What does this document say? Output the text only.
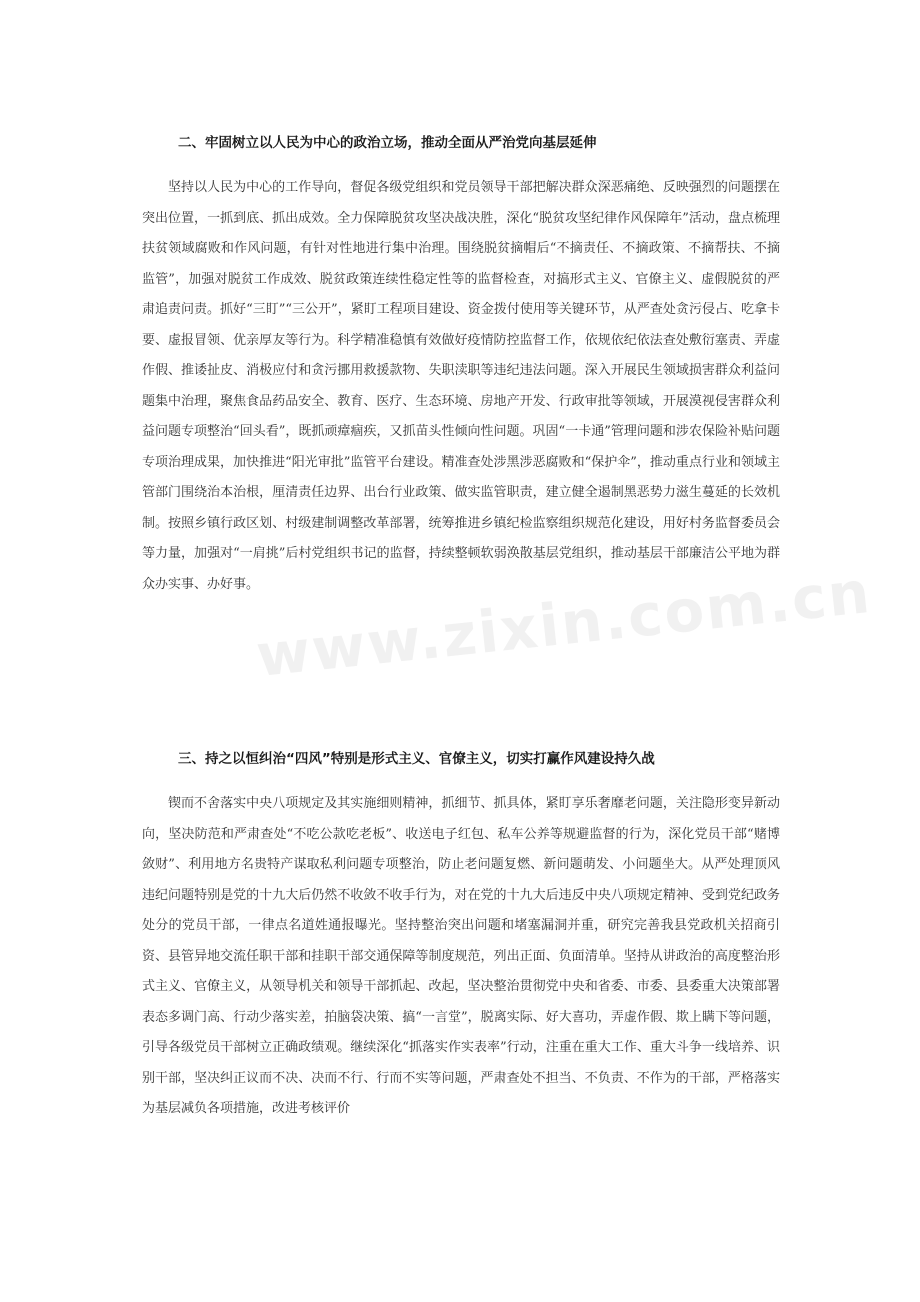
二、牢固树立以人民为中心的政治立场，推动全面从严治党向基层延伸

坚持以人民为中心的工作导向，督促各级党组织和党员领导干部把解决群众深恶痛绝、反映强烈的问题摆在突出位置，一抓到底、抓出成效。全力保障脱贫攻坚决战决胜，深化“脱贫攻坚纪律作风保障年”活动，盘点梳理扶贫领域腐败和作风问题，有针对性地进行集中治理。围绕脱贫摘帽后“不摘责任、不摘政策、不摘帮扶、不摘监管”，加强对脱贫工作成效、脱贫政策连续性稳定性等的监督检查，对搞形式主义、官僚主义、虚假脱贫的严肃追责问责。抓好“三盯”“三公开”，紧盯工程项目建设、资金拨付使用等关键环节，从严查处贪污侵占、吃拿卡要、虚报冒领、优亲厚友等行为。科学精准稳慎有效做好疫情防控监督工作，依规依纪依法查处敷衍塞责、弄虚作假、推诿扯皮、消极应付和贪污挪用救援款物、失职渎职等违纪违法问题。深入开展民生领域损害群众利益问题集中治理，聚焦食品药品安全、教育、医疗、生态环境、房地产开发、行政审批等领域，开展漠视侵害群众利益问题专项整治“回头看”，既抓顽瘴痼疾，又抓苗头性倾向性问题。巩固“一卡通”管理问题和涉农保险补贴问题专项治理成果，加快推进“阳光审批”监管平台建设。精准查处涉黑涉恶腐败和“保护伞”，推动重点行业和领域主管部门围绕治本治根，厘清责任边界、出台行业政策、做实监管职责，建立健全遏制黑恶势力滋生蔓延的长效机制。按照乡镇行政区划、村级建制调整改革部署，统筹推进乡镇纪检监察组织规范化建设，用好村务监督委员会等力量，加强对“一肩挑”后村党组织书记的监督，持续整顿软弱涣散基层党组织，推动基层干部廉洁公平地为群众办实事、办好事。

三、持之以恒纠治“四风”特别是形式主义、官僚主义，切实打赢作风建设持久战

锲而不舍落实中央八项规定及其实施细则精神，抓细节、抓具体，紧盯享乐奢靡老问题，关注隐形变异新动向，坚决防范和严肃查处“不吃公款吃老板”、收送电子红包、私车公养等规避监督的行为，深化党员干部“赌博敛财”、利用地方名贵特产谋取私利问题专项整治，防止老问题复燃、新问题萌发、小问题坐大。从严处理顶风违纪问题特别是党的十九大后仍然不收敛不收手行为，对在党的十九大后违反中央八项规定精神、受到党纪政务处分的党员干部，一律点名道姓通报曝光。坚持整治突出问题和堵塞漏洞并重，研究完善我县党政机关招商引资、县管异地交流任职干部和挂职干部交通保障等制度规范，列出正面、负面清单。坚持从讲政治的高度整治形式主义、官僚主义，从领导机关和领导干部抓起、改起，坚决整治贯彻党中央和省委、市委、县委重大决策部署表态多调门高、行动少落实差，拍脑袋决策、搞“一言堂”，脱离实际、好大喜功，弄虚作假、欺上瞒下等问题，引导各级党员干部树立正确政绩观。继续深化“抓落实作实表率”行动，注重在重大工作、重大斗争一线培养、识别干部，坚决纠正议而不决、决而不行、行而不实等问题，严肃查处不担当、不负责、不作为的干部，严格落实为基层减负各项措施，改进考核评价

www.zixin.com.cn
